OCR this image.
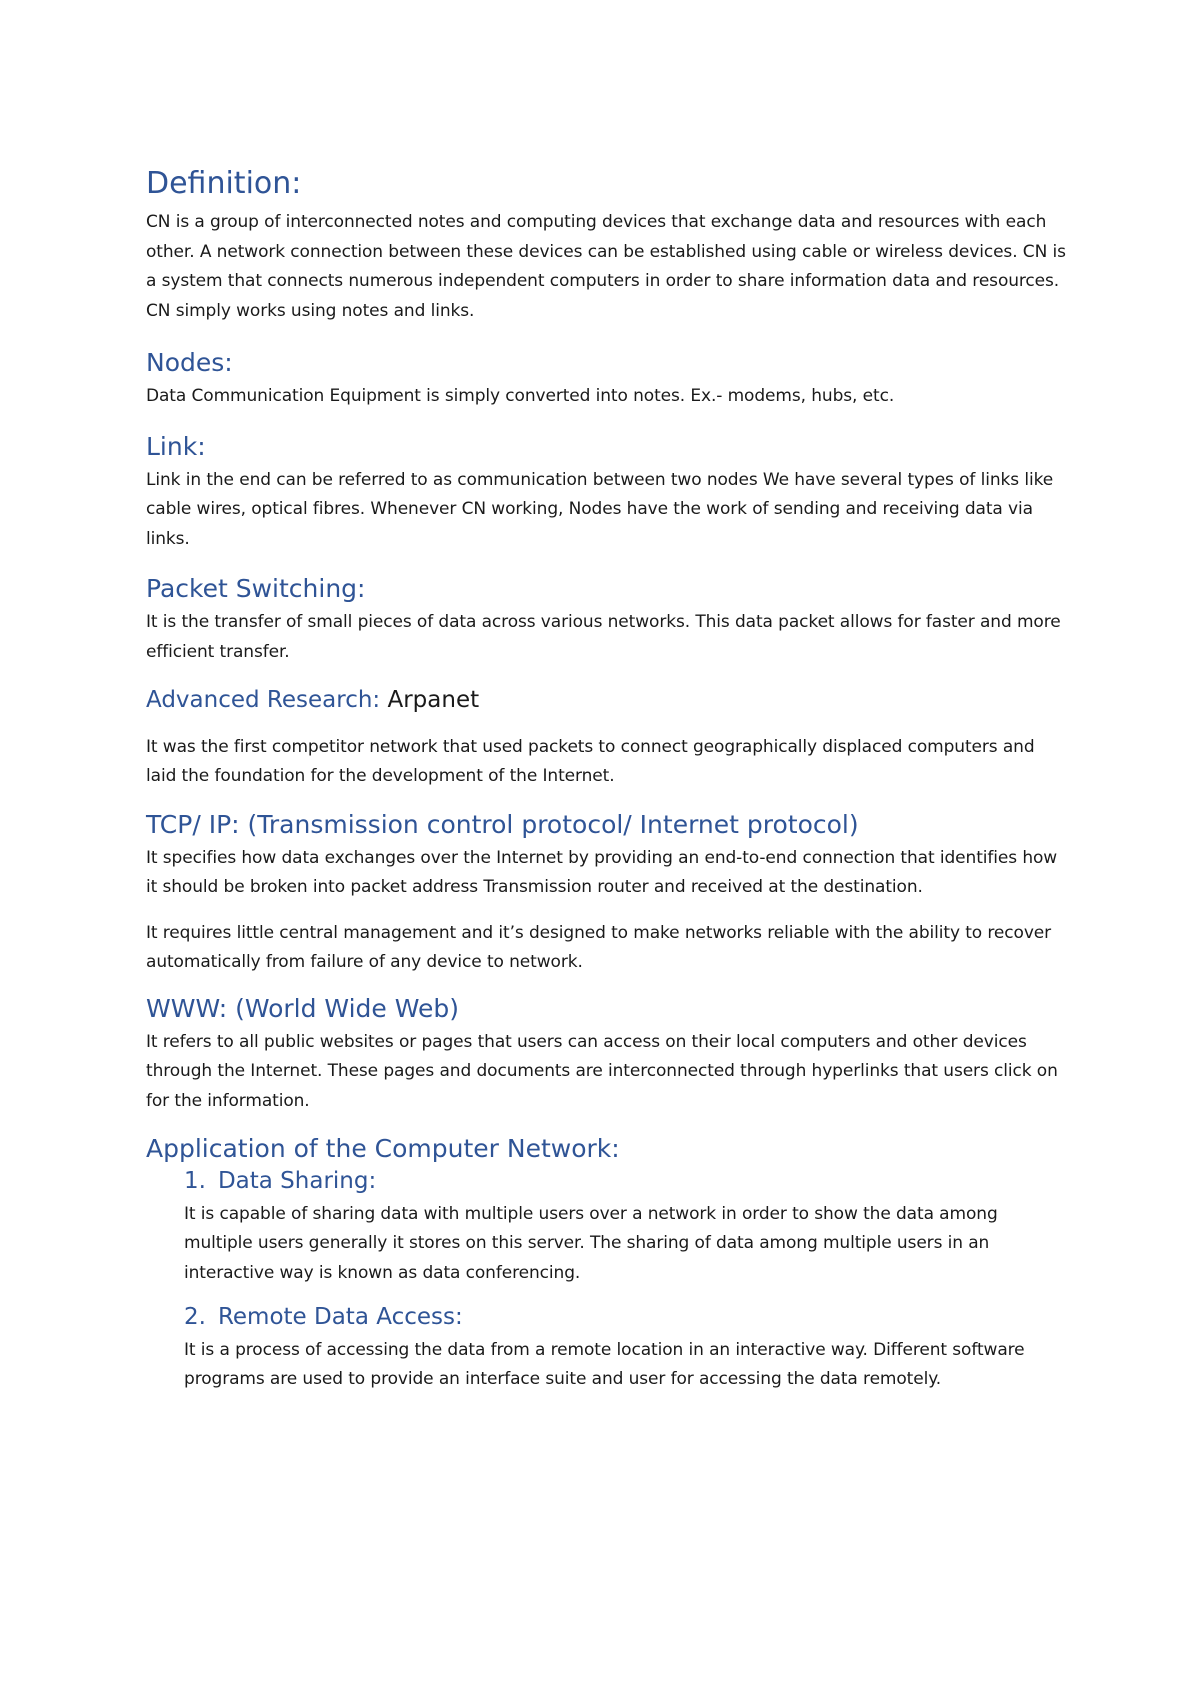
Definition:

CN is a group of interconnected notes and computing devices that exchange data and resources with each other. A network connection between these devices can be established using cable or wireless devices. CN is a system that connects numerous independent computers in order to share information data and resources. CN simply works using notes and links.

Nodes:

Data Communication Equipment is simply converted into notes. Ex.- modems, hubs, etc.

Link:

Link in the end can be referred to as communication between two nodes We have several types of links like cable wires, optical fibres. Whenever CN working, Nodes have the work of sending and receiving data via links.

Packet Switching:

It is the transfer of small pieces of data across various networks. This data packet allows for faster and more efficient transfer.

Advanced Research: Arpanet

It was the first competitor network that used packets to connect geographically displaced computers and laid the foundation for the development of the Internet.

TCP/ IP: (Transmission control protocol/ Internet protocol)

It specifies how data exchanges over the Internet by providing an end-to-end connection that identifies how it should be broken into packet address Transmission router and received at the destination.

It requires little central management and it’s designed to make networks reliable with the ability to recover automatically from failure of any device to network.

WWW: (World Wide Web)

It refers to all public websites or pages that users can access on their local computers and other devices through the Internet. These pages and documents are interconnected through hyperlinks that users click on for the information.

Application of the Computer Network:
1. Data Sharing:

It is capable of sharing data with multiple users over a network in order to show the data among multiple users generally it stores on this server. The sharing of data among multiple users in an interactive way is known as data conferencing.

2. Remote Data Access:

It is a process of accessing the data from a remote location in an interactive way. Different software programs are used to provide an interface suite and user for accessing the data remotely.
